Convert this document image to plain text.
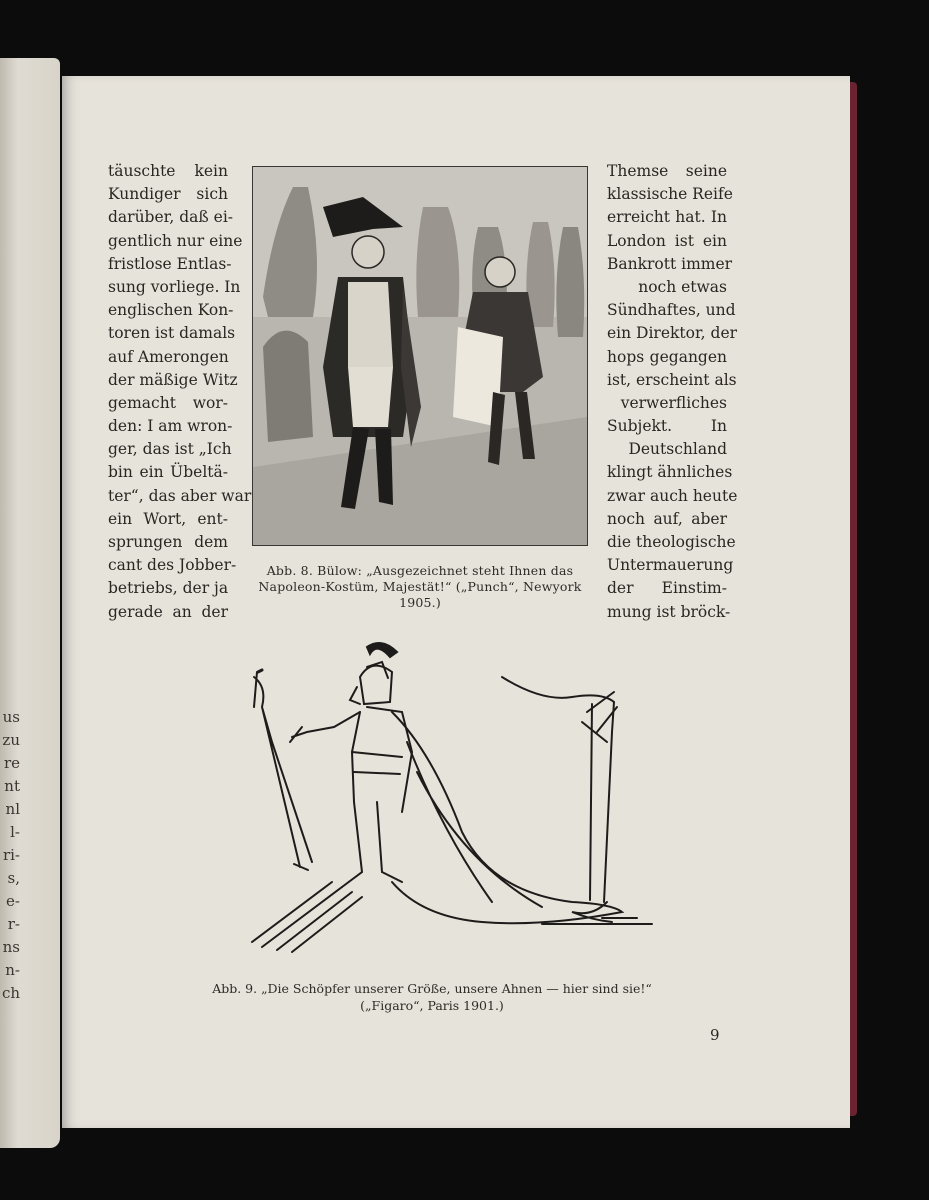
us
zu
re
nt
nl
l-
ri-
s,
e-
r-
ns
n-
ch
täuschte kein
Kundiger sich
darüber, daß ei-
gentlich nur eine
fristlose Entlas-
sung vorliege. In
englischen Kon-
toren ist damals
auf Amerongen
der mäßige Witz
gemacht wor-
den: I am wron-
ger, das ist „Ich
bin ein Übeltä-
ter“, das aber war
ein Wort, ent-
sprungen dem
cant des Jobber-
betriebs, der ja
gerade an der
Abb. 8. Bülow: „Ausgezeichnet steht Ihnen das
Napoleon-Kostüm, Majestät!“ („Punch“, Newyork
1905.)
Themse seine
klassische Reife
erreicht hat. In
London ist ein
Bankrott immer
noch etwas
Sündhaftes, und
ein Direktor, der
hops gegangen
ist, erscheint als
verwerfliches
Subjekt. In
Deutschland
klingt ähnliches
zwar auch heute
noch auf, aber
die theologische
Untermauerung
der Einstim-
mung ist bröck-
Abb. 9. „Die Schöpfer unserer Größe, unsere Ahnen — hier sind sie!“
(„Figaro“, Paris 1901.)
9
